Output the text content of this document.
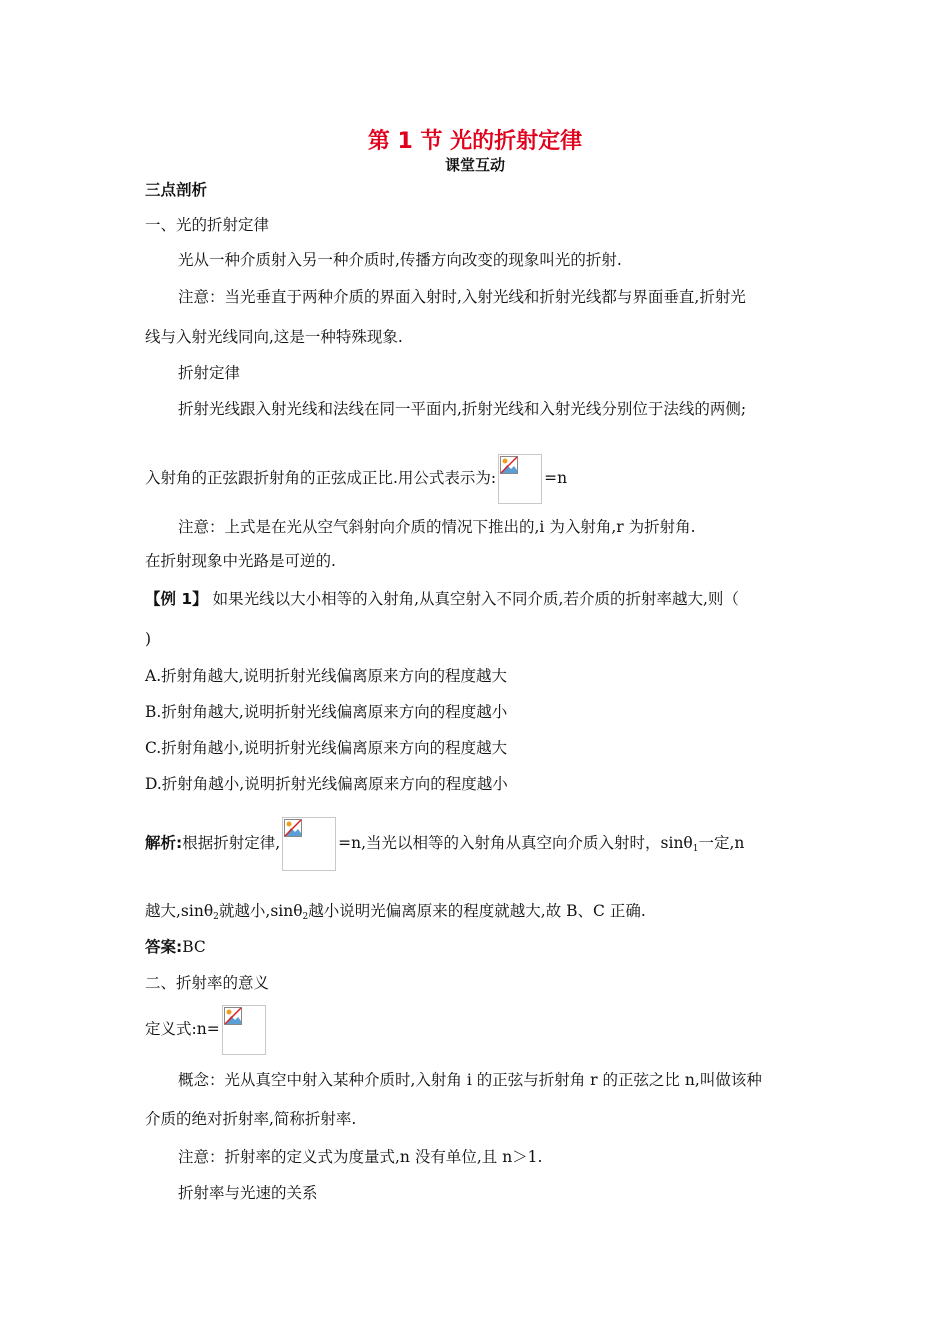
第 1 节 光的折射定律
课堂互动
三点剖析
一、光的折射定律
光从一种介质射入另一种介质时,传播方向改变的现象叫光的折射.
注意：当光垂直于两种介质的界面入射时,入射光线和折射光线都与界面垂直,折射光
线与入射光线同向,这是一种特殊现象.
折射定律
折射光线跟入射光线和法线在同一平面内,折射光线和入射光线分别位于法线的两侧;
入射角的正弦跟折射角的正弦成正比.用公式表示为:	=n
注意：上式是在光从空气斜射向介质的情况下推出的,i 为入射角,r 为折射角.
在折射现象中光路是可逆的.
【例 1】 如果光线以大小相等的入射角,从真空射入不同介质,若介质的折射率越大,则（
)
A.折射角越大,说明折射光线偏离原来方向的程度越大
B.折射角越大,说明折射光线偏离原来方向的程度越小
C.折射角越小,说明折射光线偏离原来方向的程度越大
D.折射角越小,说明折射光线偏离原来方向的程度越小
解析:根据折射定律,	=n,当光以相等的入射角从真空向介质入射时，sinθ$_1$一定,n
越大,sinθ$_2$就越小,sinθ$_2$越小说明光偏离原来的程度就越大,故 B、C 正确.
答案:BC
二、折射率的意义
定义式:n=
概念：光从真空中射入某种介质时,入射角 i 的正弦与折射角 r 的正弦之比 n,叫做该种
介质的绝对折射率,简称折射率.
注意：折射率的定义式为度量式,n 没有单位,且 n＞1.
折射率与光速的关系
